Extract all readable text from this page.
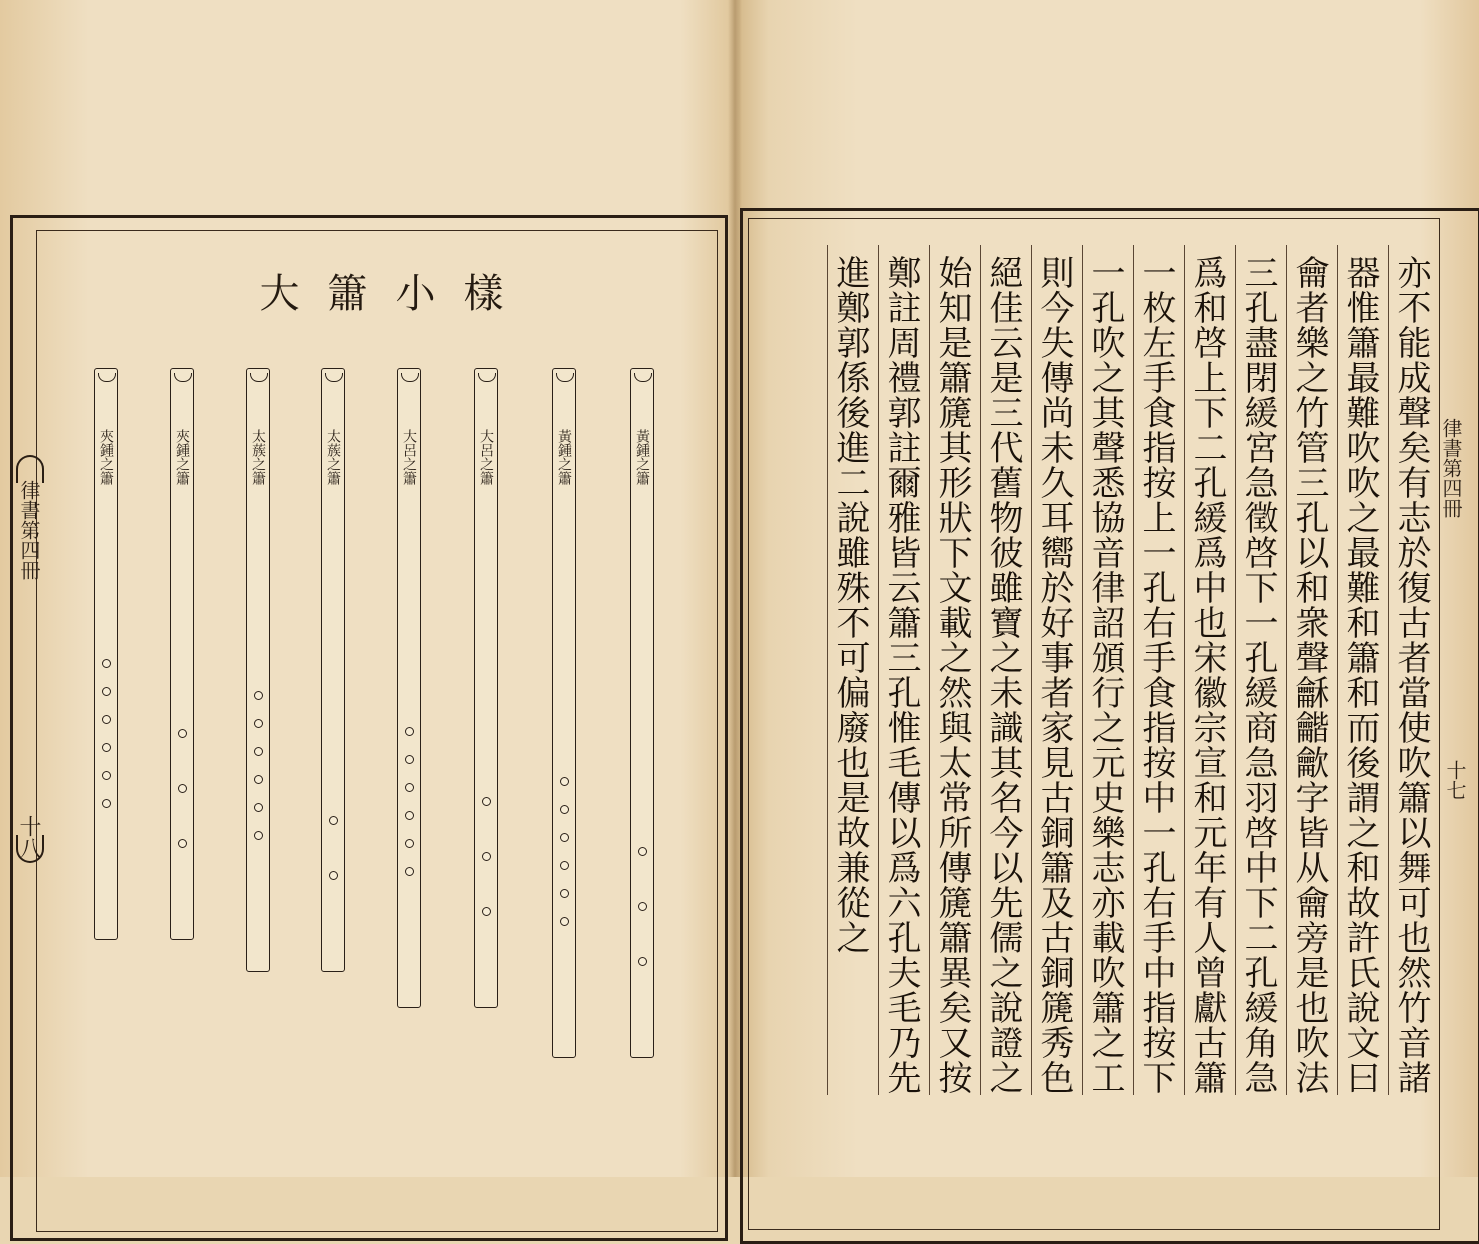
大簫小樣
夾鍾之簫	夾鍾之簫	太蔟之簫	太蔟之簫	大呂之簫	大呂之簫	黃鍾之簫	黃鍾之簫
律書第四冊
十八	亦不能成聲矣有志於復古者當使吹簫以舞可也然竹音諸
器惟簫最難吹吹之最難和簫和而後謂之和故許氏說文曰
龠者樂之竹管三孔以和衆聲龢龤龡字皆从龠旁是也吹法
三孔盡閉緩宮急徵啓下一孔緩商急羽啓中下二孔緩角急
爲和啓上下二孔緩爲中也宋徽宗宣和元年有人曾獻古簫
一枚左手食指按上一孔右手食指按中一孔右手中指按下
一孔吹之其聲悉協音律詔頒行之元史樂志亦載吹簫之工
則今失傳尚未久耳嚮於好事者家見古銅簫及古銅篪秀色
絕佳云是三代舊物彼雖寶之未識其名今以先儒之說證之
始知是簫篪其形狀下文載之然與太常所傳篪簫異矣又按
鄭註周禮郭註爾雅皆云簫三孔惟毛傳以爲六孔夫毛乃先
進鄭郭係後進二說雖殊不可偏廢也是故兼從之	律書第四冊
十七
